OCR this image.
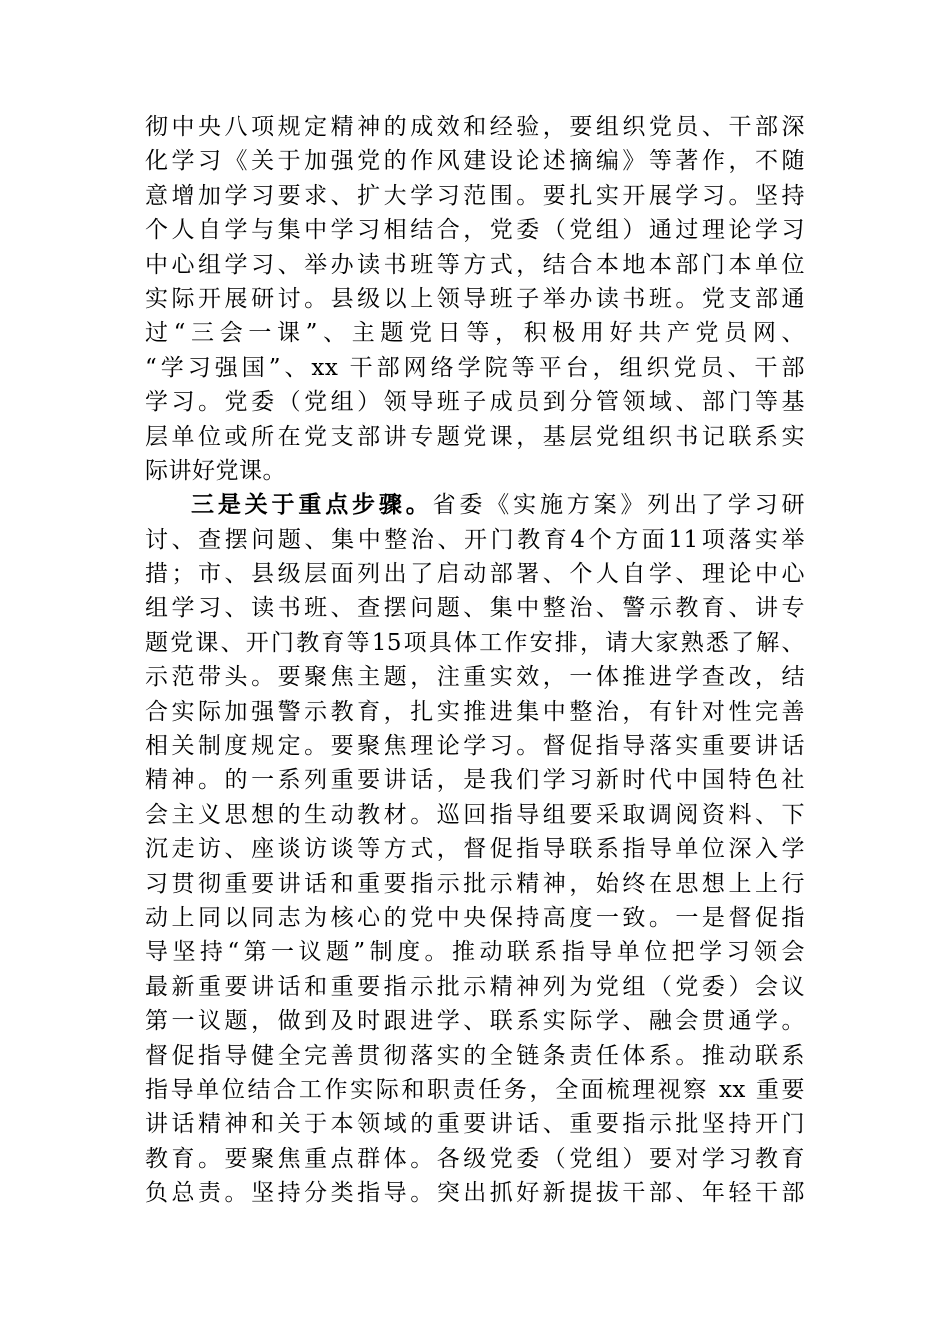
彻中央八项规定精神的成效和经验，要组织党员、干部深
化学习《关于加强党的作风建设论述摘编》等著作，不随
意增加学习要求、扩大学习范围。要扎实开展学习。坚持
个人自学与集中学习相结合，党委（党组）通过理论学习
中心组学习、举办读书班等方式，结合本地本部门本单位
实际开展研讨。县级以上领导班子举办读书班。党支部通
过“三会一课”、主题党日等，积极用好共产党员网、
“学习强国”、xx 干部网络学院等平台，组织党员、干部
学习。党委（党组）领导班子成员到分管领域、部门等基
层单位或所在党支部讲专题党课，基层党组织书记联系实
际讲好党课。
三是关于重点步骤。省委《实施方案》列出了学习研
讨、查摆问题、集中整治、开门教育4个方面11项落实举
措；市、县级层面列出了启动部署、个人自学、理论中心
组学习、读书班、查摆问题、集中整治、警示教育、讲专
题党课、开门教育等15项具体工作安排，请大家熟悉了解、
示范带头。要聚焦主题，注重实效，一体推进学查改，结
合实际加强警示教育，扎实推进集中整治，有针对性完善
相关制度规定。要聚焦理论学习。督促指导落实重要讲话
精神。的一系列重要讲话，是我们学习新时代中国特色社
会主义思想的生动教材。巡回指导组要采取调阅资料、下
沉走访、座谈访谈等方式，督促指导联系指导单位深入学
习贯彻重要讲话和重要指示批示精神，始终在思想上上行
动上同以同志为核心的党中央保持高度一致。一是督促指
导坚持“第一议题”制度。推动联系指导单位把学习领会
最新重要讲话和重要指示批示精神列为党组（党委）会议
第一议题，做到及时跟进学、联系实际学、融会贯通学。
督促指导健全完善贯彻落实的全链条责任体系。推动联系
指导单位结合工作实际和职责任务，全面梳理视察 xx 重要
讲话精神和关于本领域的重要讲话、重要指示批坚持开门
教育。要聚焦重点群体。各级党委（党组）要对学习教育
负总责。坚持分类指导。突出抓好新提拔干部、年轻干部
